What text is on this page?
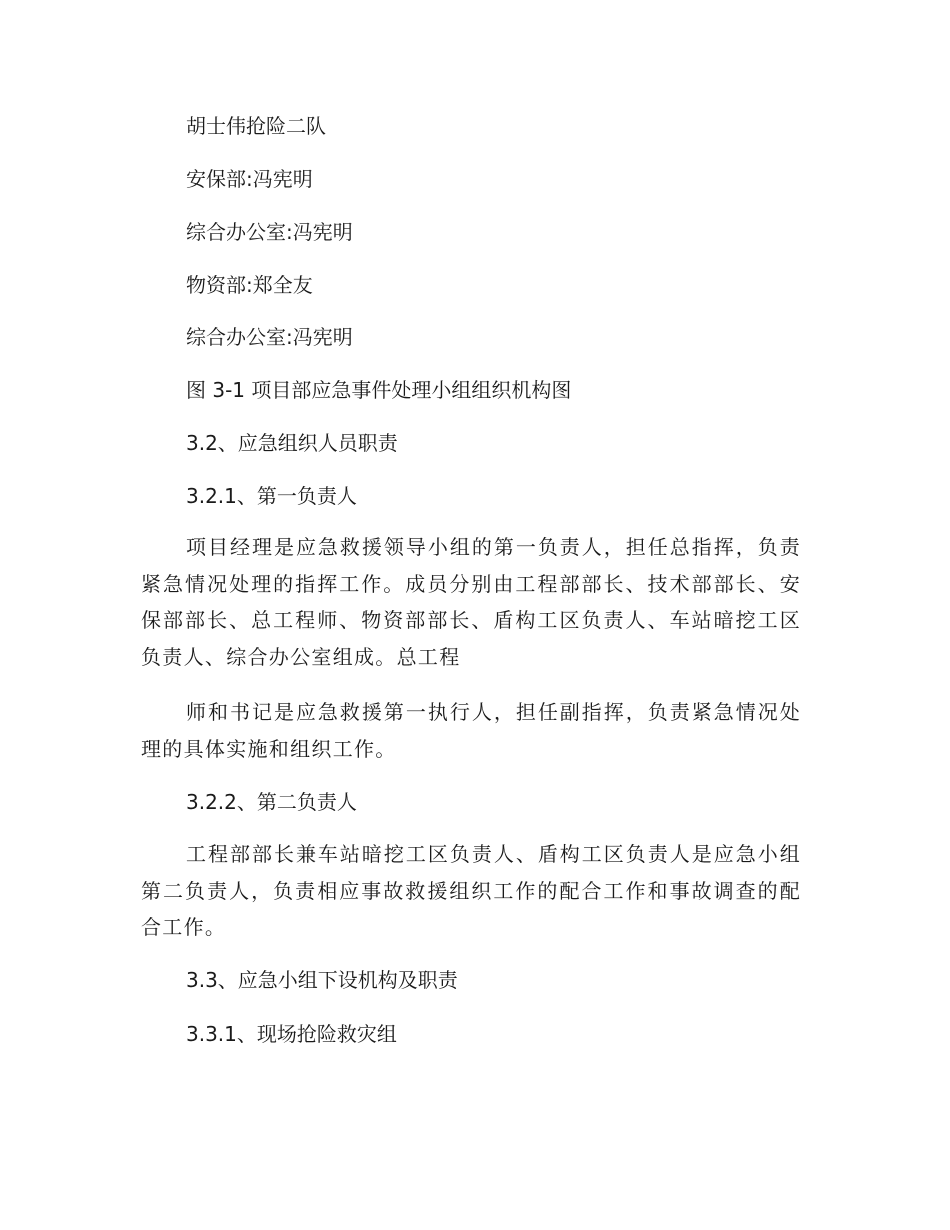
胡士伟抢险二队
安保部:冯宪明
综合办公室:冯宪明
物资部:郑全友
综合办公室:冯宪明
图 3-1 项目部应急事件处理小组组织机构图
3.2、应急组织人员职责
3.2.1、第一负责人
项目经理是应急救援领导小组的第一负责人，担任总指挥，负责紧急情况处理的指挥工作。成员分别由工程部部长、技术部部长、安保部部长、总工程师、物资部部长、盾构工区负责人、车站暗挖工区负责人、综合办公室组成。总工程
师和书记是应急救援第一执行人，担任副指挥，负责紧急情况处理的具体实施和组织工作。
3.2.2、第二负责人
工程部部长兼车站暗挖工区负责人、盾构工区负责人是应急小组第二负责人，负责相应事故救援组织工作的配合工作和事故调查的配合工作。
3.3、应急小组下设机构及职责
3.3.1、现场抢险救灾组
